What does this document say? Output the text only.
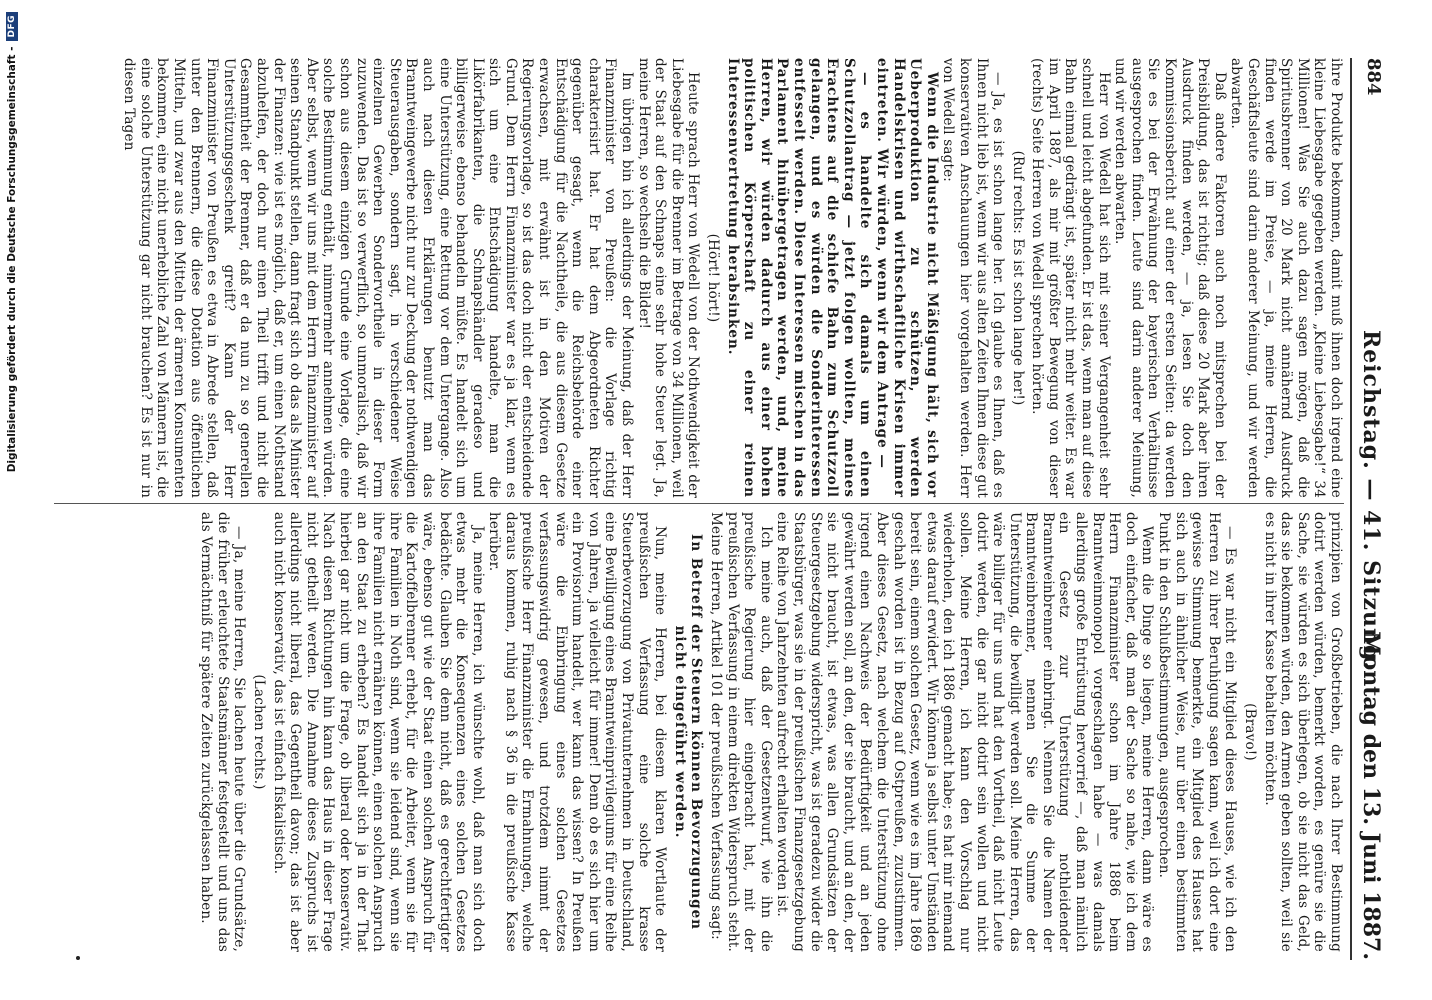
884
Reichstag. — 41. Sitzung.
Montag den 13. Juni 1887.

ihre Produkte bekommen, damit muß ihnen doch irgend eine kleine Liebesgabe gegeben werden. „Kleine Liebesgabe!“ 34 Millionen! Was Sie auch dazu sagen mögen, daß die Spiritusbrenner von 20 Mark nicht annähernd Ausdruck finden werde im Preise, — ja, meine Herren, die Geschäftsleute sind darin anderer Meinung, und wir werden abwarten.

Daß andere Faktoren auch noch mitsprechen bei der Preisbildung, das ist richtig; daß diese 20 Mark aber ihren Ausdruck finden werden, — ja, lesen Sie doch den Kommissionsbericht auf einer der ersten Seiten: da werden Sie es bei der Erwähnung der bayerischen Verhältnisse ausgesprochen finden. Leute sind darin anderer Meinung, und wir werden abwarten.

Herr von Wedell hat sich mit seiner Vergangenheit sehr schnell und leicht abgefunden. Er ist das, wenn man auf diese Bahn einmal gedrängt ist, später nicht mehr weiter. Es war im April 1887, als mir mit größter Bewegung von dieser (rechts) Seite Herren von Wedell sprechen hörten.

(Ruf rechts: Es ist schon lange her!)

— Ja, es ist schon lange her. Ich glaube es Ihnen, daß es Ihnen nicht lieb ist, wenn wir aus alten Zeiten Ihnen diese gut konservativen Anschauungen hier vorgehalten werden. Herr von Wedell sagte:

Wenn die Industrie nicht Mäßigung hält, sich vor Ueberproduktion zu schützen, werden Handelskrisen und wirthschaftliche Krisen immer eintreten. Wir würden, wenn wir dem Antrage —

— es handelte sich damals um einen Schutzzollantrag — jetzt folgen wollten, meines Erachtens auf die schiefe Bahn zum Schutzzoll gelangen, und es würden die Sonderinteressen entfesselt werden. Diese Interessen mischen in das Parlament hinübergetragen werden, und, meine Herren, wir würden dadurch aus einer hohen politischen Körperschaft zu einer reinen Interessenvertretung herabsinken.

(Hört! hört!)

Heute sprach Herr von Wedell von der Nothwendigkeit der Liebesgabe für die Brenner im Betrage von 34 Millionen, weil der Staat auf den Schnaps eine sehr hohe Steuer legt. Ja, meine Herren, so wechseln die Bilder!

Im übrigen bin ich allerdings der Meinung, daß der Herr Finanzminister von Preußen: die Vorlage richtig charakterisirt hat. Er hat dem Abgeordneten Richter gegenüber gesagt, wenn die Reichsbehörde einer Entschädigung für die Nachtheile, die aus diesem Gesetze erwachsen, mit erwähnt ist in den Motiven der Regierungsvorlage, so ist das doch nicht der entscheidende Grund. Dem Herrn Finanzminister war es ja klar, wenn es sich um eine Entschädigung handelte, man die Likörfabrikanten, die Schnapshändler geradeso und billigerweise ebenso behandeln müßte. Es handelt sich um eine Unterstützung, eine Rettung vor dem Untergange. Also auch nach diesen Erklärungen benutzt man das Branntweingewerbe nicht nur zur Deckung der nothwendigen Steuerausgaben, sondern sagt, in verschiedener Weise einzelnen Gewerben Sondervortheile in dieser Form zuzuwenden. Das ist so verwerflich, so unmoralisch, daß wir schon aus diesem einzigen Grunde eine Vorlage, die eine solche Bestimmung enthält, nimmermehr annehmen würden. Aber selbst, wenn wir uns mit dem Herrn Finanzminister auf seinen Standpunkt stellen, dann fragt sich ob das als Minister der Finanzen: wie ist es möglich, daß er, um einen Nothstand abzuhelfen, der doch nur einen Theil trifft und nicht die Gesammtheit der Brenner, daß er da nun zu so generellen Unterstützungsgeschenk greift? Kann der Herr Finanzminister von Preußen es etwa in Abrede stellen, daß unter den Brennern, die diese Dotation aus öffentlichen Mitteln, und zwar aus den Mitteln der ärmeren Konsumenten bekommen, eine nicht unerhebliche Zahl von Männern ist, die eine solche Unterstützung gar nicht brauchen? Es ist nur in diesen Tagen

prinzipien von Großbetrieben, die nach Ihrer Bestimmung dotirt werden würden, bemerkt worden, es genüre sie die Sache, sie würden es sich überlegen, ob sie nicht das Geld, das sie bekommen würden, den Armen geben sollten, weil sie es nicht in ihrer Kasse behalten möchten.

(Bravo!)

— Es war nicht ein Mitglied dieses Hauses, wie ich den Herren zu ihrer Beruhigung sagen kann, weil ich dort eine gewisse Stimmung bemerkte, ein Mitglied des Hauses hat sich auch in ähnlicher Weise, nur über einen bestimmten Punkt in den Schlußbestimmungen, ausgesprochen.

Wenn die Dinge so liegen, meine Herren, dann wäre es doch einfacher, daß man der Sache so nahe, wie ich dem Herrn Finanzminister schon im Jahre 1886 beim Branntweinmonopol vorgeschlagen habe — was damals allerdings große Entrüstung hervorrief —, daß man nämlich ein Gesetz zur Unterstützung nothleidender Branntweinbrenner einbringt. Nennen Sie die Namen der Branntweinbrenner, nennen Sie die Summe der Unterstützung, die bewilligt werden soll. Meine Herren, das wäre billiger für uns und hat den Vortheil, daß nicht Leute dotirt werden, die gar nicht dotirt sein wollen und nicht sollen. Meine Herren, ich kann den Vorschlag nur wiederholen, den ich 1886 gemacht habe; es hat mir niemand etwas darauf erwidert. Wir können ja selbst unter Umständen bereit sein, einem solchen Gesetz, wenn wie es im Jahre 1869 geschah worden ist in Bezug auf Ostpreußen, zuzustimmen. Aber dieses Gesetz, nach welchem die Unterstützung ohne irgend einen Nachweis der Bedürftigkeit und an jeden gewährt werden soll, an den, der sie braucht, und an den, der sie nicht braucht, ist etwas, was allen Grundsätzen der Steuergesetzgebung widerspricht, was ist geradezu wider die Staatsbürger, was sie in der preußischen Finanzgesetzgebung eine Reihe von Jahrzehnten aufrecht erhalten worden ist.

Ich meine auch, daß der Gesetzentwurf, wie ihn die preußische Regierung hier eingebracht hat, mit der preußischen Verfassung in einem direkten Widerspruch steht. Meine Herren, Artikel 101 der preußischen Verfassung sagt:

In Betreff der Steuern können Bevorzugungen nicht eingeführt werden.

Nun, meine Herren, bei diesem klaren Wortlaute der preußischen Verfassung eine solche krasse Steuerbevorzugung von Privatunternehmen in Deutschland, eine Bewilligung eines Branntweinprivilegiums für eine Reihe von Jahren, ja vielleicht für immer! Denn ob es sich hier um ein Provisorium handelt, wer kann das wissen? In Preußen wäre die Einbringung eines solchen Gesetzes verfassungswidrig gewesen, und trotzdem nimmt der preußische Herr Finanzminister die Ermahnungen, welche daraus kommen, ruhig nach § 36 in die preußische Kasse herüber.

Ja, meine Herren, ich wünschte wohl, daß man sich doch etwas mehr die Konsequenzen eines solchen Gesetzes bedächte. Glauben Sie denn nicht, daß es gerechtfertigter wäre, ebenso gut wie der Staat einen solchen Anspruch für die Kartoffelbrenner erhebt, für die Arbeiter, wenn sie für ihre Familien in Noth sind, wenn sie leidend sind, wenn sie ihre Familien nicht ernähren können, einen solchen Anspruch an den Staat zu erheben? Es handelt sich ja in der That hierbei gar nicht um die Frage, ob liberal oder konservativ. Nach diesen Richtungen hin kann das Haus in dieser Frage nicht getheilt werden. Die Annahme dieses Zuspruchs ist allerdings nicht liberal, das Gegentheil davon; das ist aber auch nicht konservativ, das ist einfach fiskalistisch.

(Lachen rechts.)

— Ja, meine Herren, Sie lachen heute über die Grundsätze, die früher erleuchtete Staatsmänner festgestellt und uns das als Vermächtniß für spätere Zeiten zurückgelassen haben.

Digitalisierung gefördert durch die Deutsche Forschungsgemeinschaft -
DFG
